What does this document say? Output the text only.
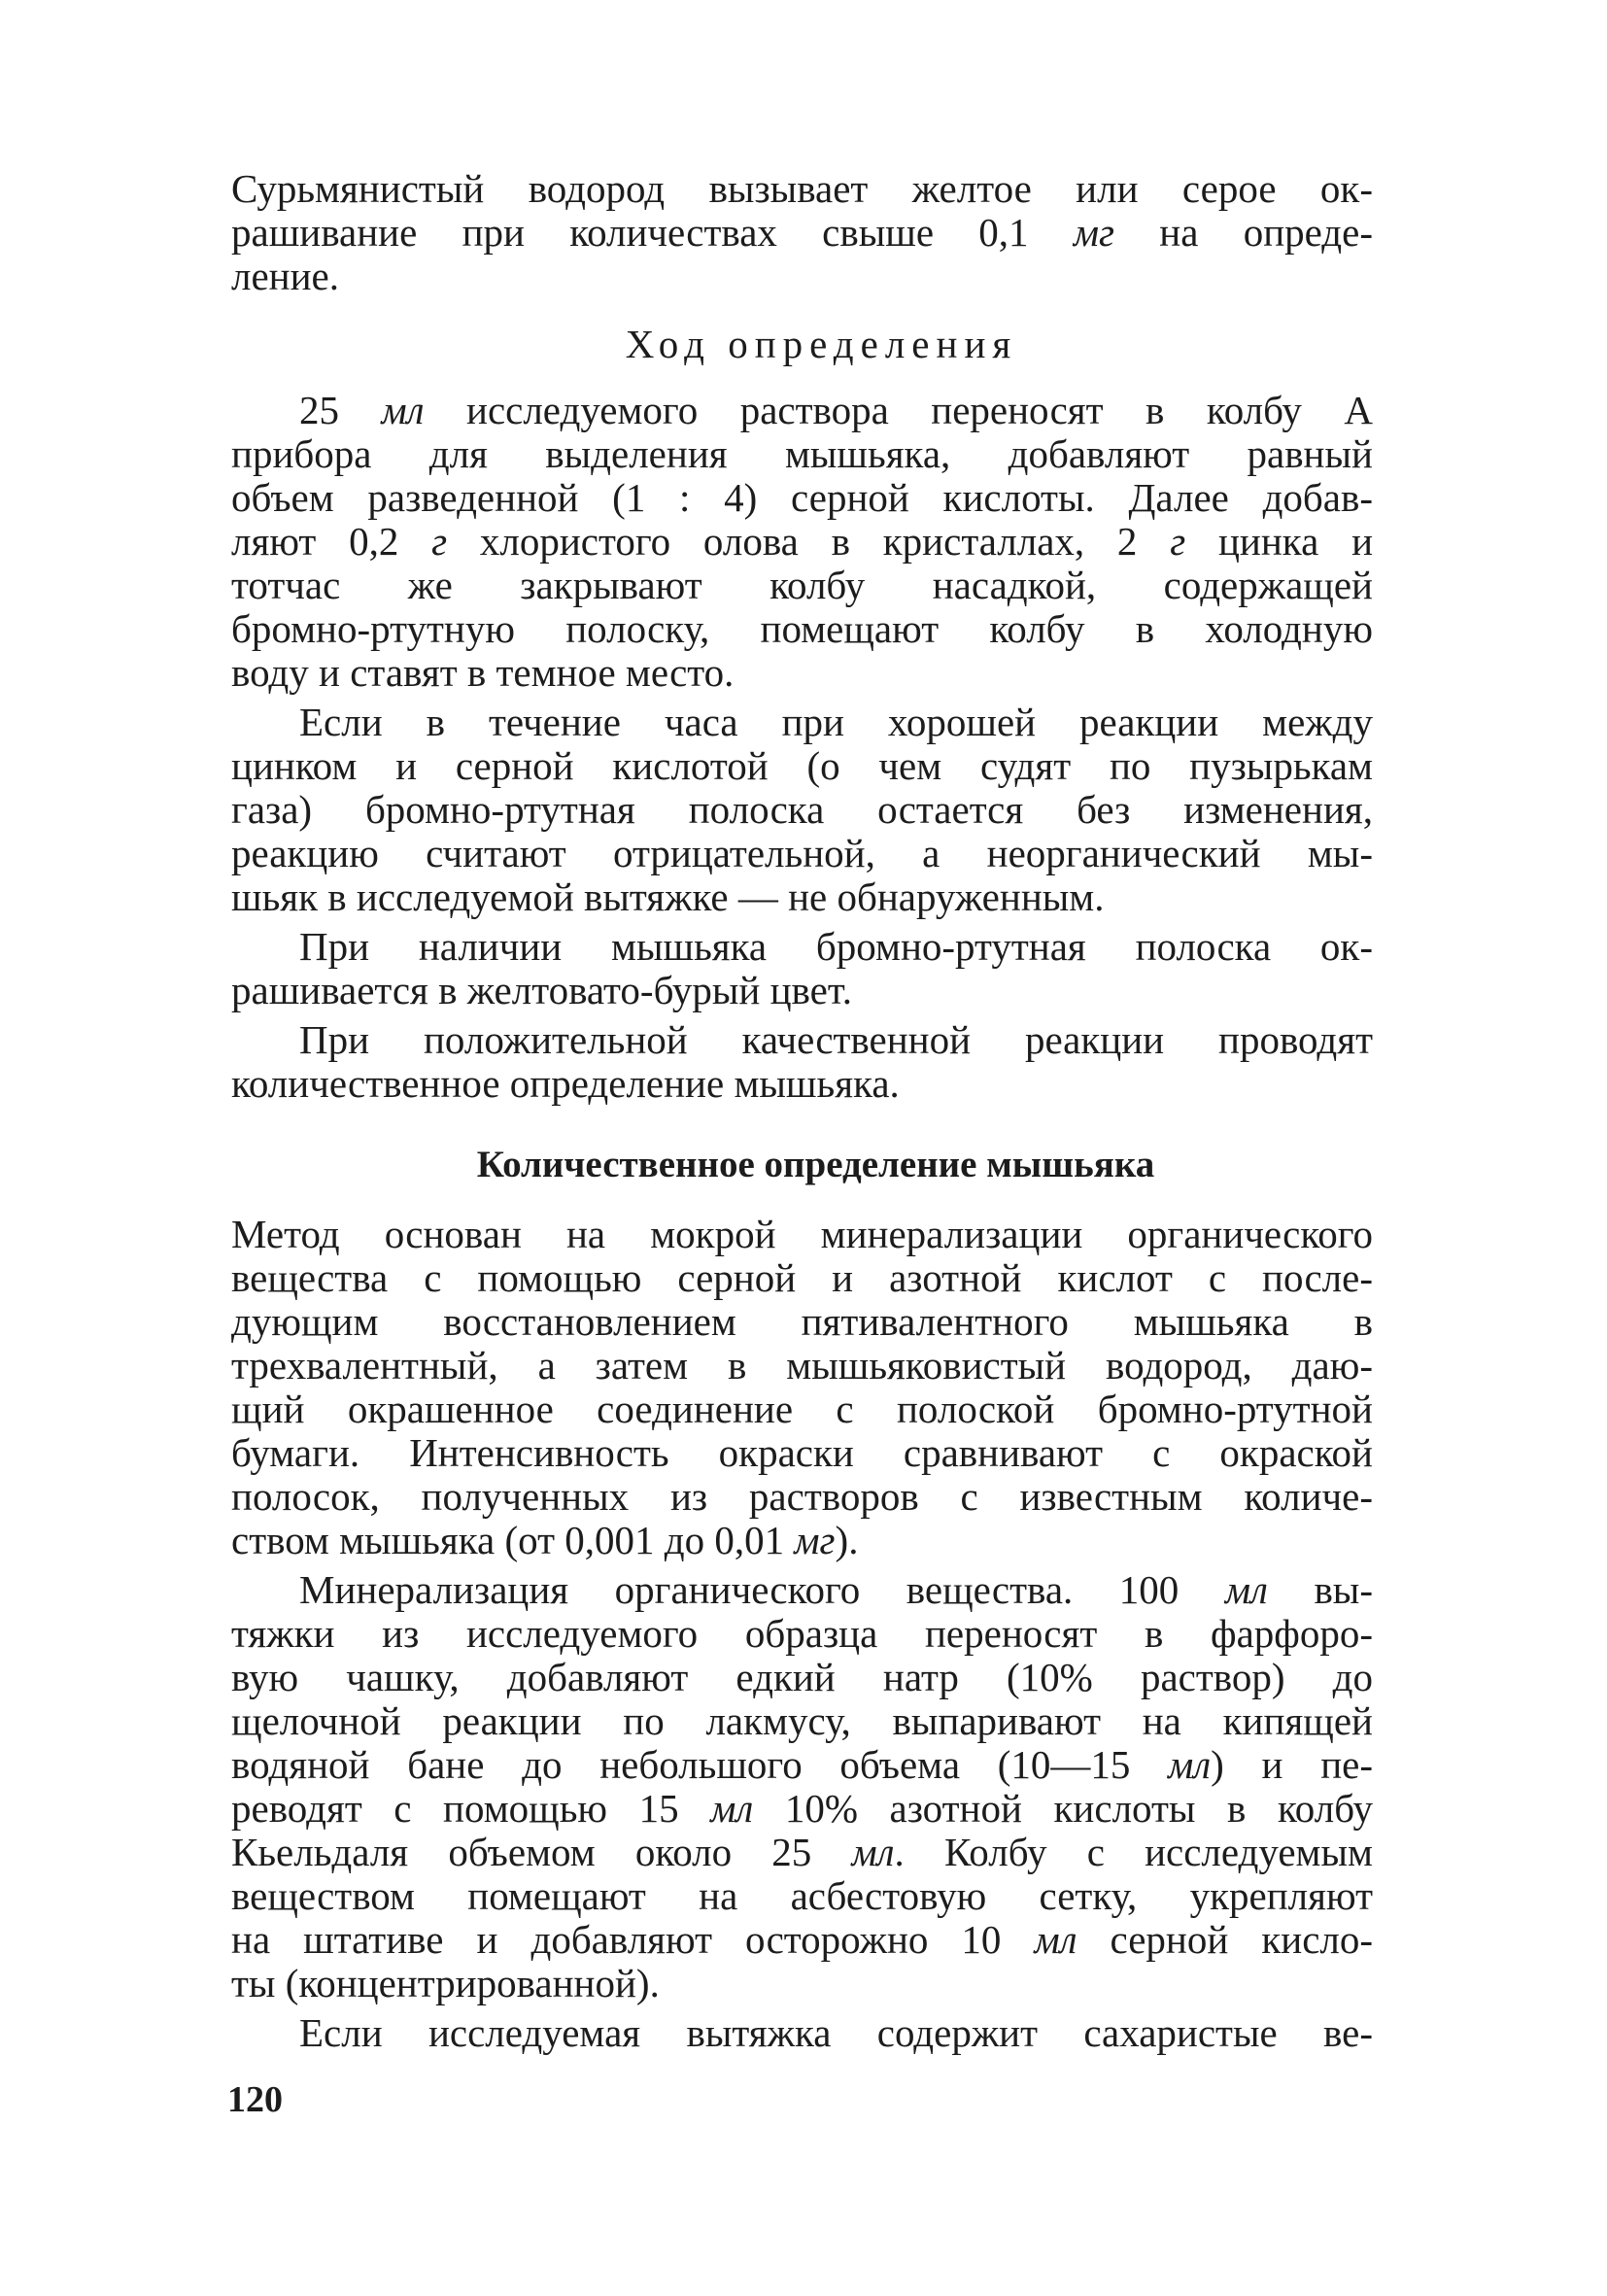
Сурьмянистый водород вызывает желтое или серое ок-
рашивание при количествах свыше 0,1 мг на опреде-
ление.

Ход определения

25 мл исследуемого раствора переносят в колбу А
прибора для выделения мышьяка, добавляют равный
объем разведенной (1 : 4) серной кислоты. Далее добав-
ляют 0,2 г хлористого олова в кристаллах, 2 г цинка и
тотчас же закрывают колбу насадкой, содержащей
бромно-ртутную полоску, помещают колбу в холодную
воду и ставят в темное место.

Если в течение часа при хорошей реакции между
цинком и серной кислотой (о чем судят по пузырькам
газа) бромно-ртутная полоска остается без изменения,
реакцию считают отрицательной, а неорганический мы-
шьяк в исследуемой вытяжке — не обнаруженным.

При наличии мышьяка бромно-ртутная полоска ок-
рашивается в желтовато-бурый цвет.

При положительной качественной реакции проводят
количественное определение мышьяка.

Количественное определение мышьяка

Метод основан на мокрой минерализации органического
вещества с помощью серной и азотной кислот с после-
дующим восстановлением пятивалентного мышьяка в
трехвалентный, а затем в мышьяковистый водород, даю-
щий окрашенное соединение с полоской бромно-ртутной
бумаги. Интенсивность окраски сравнивают с окраской
полосок, полученных из растворов с известным количе-
ством мышьяка (от 0,001 до 0,01 мг).

Минерализация органического вещества. 100 мл вы-
тяжки из исследуемого образца переносят в фарфоро-
вую чашку, добавляют едкий натр (10% раствор) до
щелочной реакции по лакмусу, выпаривают на кипящей
водяной бане до небольшого объема (10—15 мл) и пе-
реводят с помощью 15 мл 10% азотной кислоты в колбу
Кьельдаля объемом около 25 мл. Колбу с исследуемым
веществом помещают на асбестовую сетку, укрепляют
на штативе и добавляют осторожно 10 мл серной кисло-
ты (концентрированной).

Если исследуемая вытяжка содержит сахаристые ве-

120
